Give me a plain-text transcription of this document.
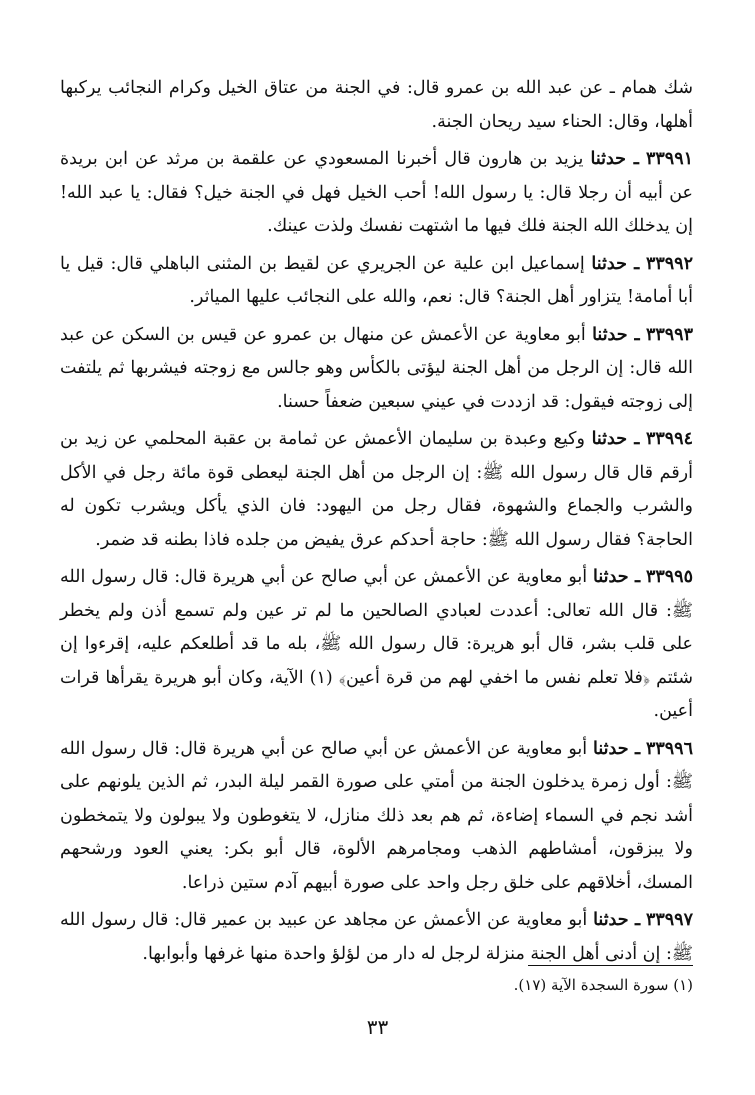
شك همام ـ عن عبد الله بن عمرو قال: في الجنة من عتاق الخيل وكرام النجائب يركبها أهلها، وقال: الحناء سيد ريحان الجنة.

٣٣٩٩١ ـ حدثنا يزيد بن هارون قال أخبرنا المسعودي عن علقمة بن مرثد عن ابن بريدة عن أبيه أن رجلا قال: يا رسول الله! أحب الخيل فهل في الجنة خيل؟ فقال: يا عبد الله! إن يدخلك الله الجنة فلك فيها ما اشتهت نفسك ولذت عينك.

٣٣٩٩٢ ـ حدثنا إسماعيل ابن علية عن الجريري عن لقيط بن المثنى الباهلي قال: قيل يا أبا أمامة! يتزاور أهل الجنة؟ قال: نعم، والله على النجائب عليها المياثر.

٣٣٩٩٣ ـ حدثنا أبو معاوية عن الأعمش عن منهال بن عمرو عن قيس بن السكن عن عبد الله قال: إن الرجل من أهل الجنة ليؤتى بالكأس وهو جالس مع زوجته فيشربها ثم يلتفت إلى زوجته فيقول: قد ازددت في عيني سبعين ضعفاً حسنا.

٣٣٩٩٤ ـ حدثنا وكيع وعبدة بن سليمان الأعمش عن ثمامة بن عقبة المحلمي عن زيد بن أرقم قال قال رسول الله ﷺ: إن الرجل من أهل الجنة ليعطى قوة مائة رجل في الأكل والشرب والجماع والشهوة، فقال رجل من اليهود: فان الذي يأكل ويشرب تكون له الحاجة؟ فقال رسول الله ﷺ: حاجة أحدكم عرق يفيض من جلده فاذا بطنه قد ضمر.

٣٣٩٩٥ ـ حدثنا أبو معاوية عن الأعمش عن أبي صالح عن أبي هريرة قال: قال رسول الله ﷺ: قال الله تعالى: أعددت لعبادي الصالحين ما لم تر عين ولم تسمع أذن ولم يخطر على قلب بشر، قال أبو هريرة: قال رسول الله ﷺ، بله ما قد أطلعكم عليه، إقرءوا إن شئتم ﴿فلا تعلم نفس ما اخفي لهم من قرة أعين﴾ (١) الآية، وكان أبو هريرة يقرأها قرات أعين.

٣٣٩٩٦ ـ حدثنا أبو معاوية عن الأعمش عن أبي صالح عن أبي هريرة قال: قال رسول الله ﷺ: أول زمرة يدخلون الجنة من أمتي على صورة القمر ليلة البدر، ثم الذين يلونهم على أشد نجم في السماء إضاءة، ثم هم بعد ذلك منازل، لا يتغوطون ولا يبولون ولا يتمخطون ولا يبزقون، أمشاطهم الذهب ومجامرهم الألوة، قال أبو بكر: يعني العود ورشحهم المسك، أخلاقهم على خلق رجل واحد على صورة أبيهم آدم ستين ذراعا.

٣٣٩٩٧ ـ حدثنا أبو معاوية عن الأعمش عن مجاهد عن عبيد بن عمير قال: قال رسول الله ﷺ: إن أدنى أهل الجنة منزلة لرجل له دار من لؤلؤ واحدة منها غرفها وأبوابها.

(١) سورة السجدة الآية (١٧).
٣٣
